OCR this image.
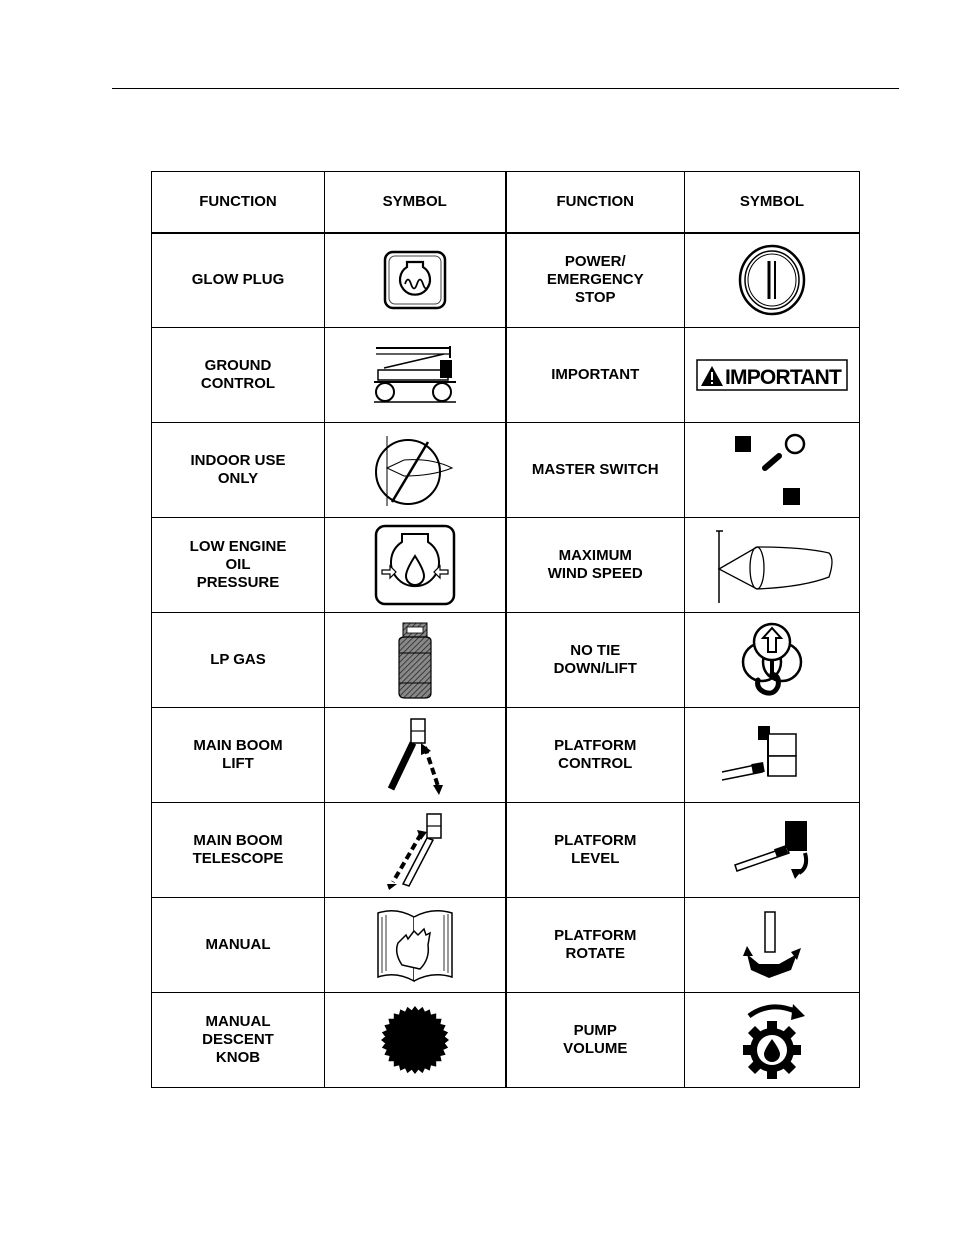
FUNCTION	SYMBOL	FUNCTION	SYMBOL
GLOW PLUG		POWER/
EMERGENCY
STOP	

GROUND
CONTROL		IMPORTANT	IMPORTANT

INDOOR USE
ONLY		MASTER SWITCH	

LOW ENGINE
OIL
PRESSURE		MAXIMUM
WIND SPEED	

LP GAS		NO TIE
DOWN/LIFT	

MAIN BOOM
LIFT		PLATFORM
CONTROL	

MAIN BOOM
TELESCOPE		PLATFORM
LEVEL	

MANUAL		PLATFORM
ROTATE	

MANUAL
DESCENT
KNOB		PUMP
VOLUME	
